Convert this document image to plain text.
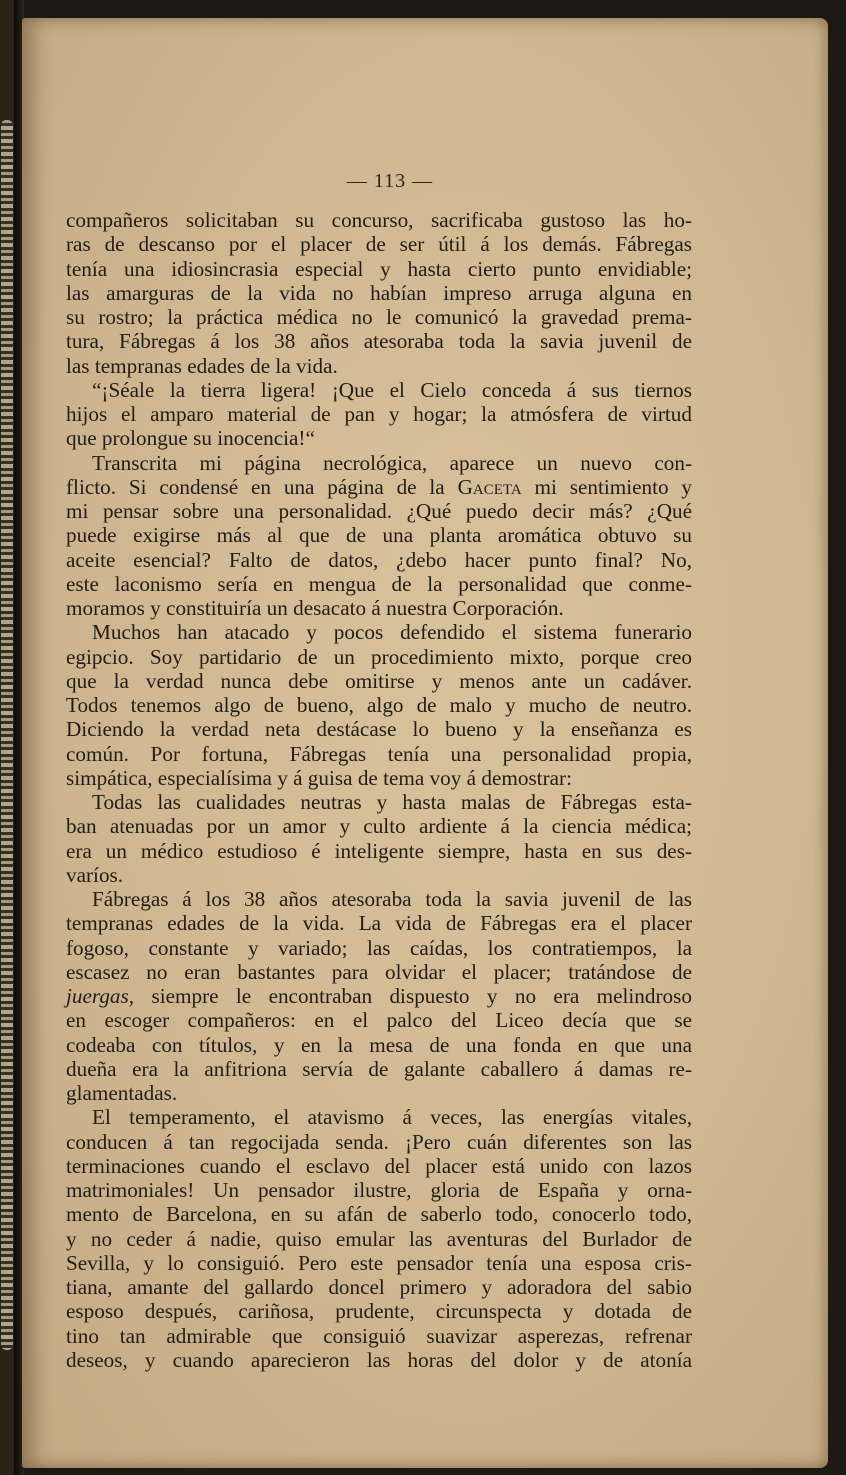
— 113 —
compañeros solicitaban su concurso, sacrificaba gustoso las ho-
ras de descanso por el placer de ser útil á los demás. Fábregas
tenía una idiosincrasia especial y hasta cierto punto envidiable;
las amarguras de la vida no habían impreso arruga alguna en
su rostro; la práctica médica no le comunicó la gravedad prema-
tura, Fábregas á los 38 años atesoraba toda la savia juvenil de
las tempranas edades de la vida.
“¡Séale la tierra ligera! ¡Que el Cielo conceda á sus tiernos
hijos el amparo material de pan y hogar; la atmósfera de virtud
que prolongue su inocencia!“
Transcrita mi página necrológica, aparece un nuevo con-
flicto. Si condensé en una página de la Gaceta mi sentimiento y
mi pensar sobre una personalidad. ¿Qué puedo decir más? ¿Qué
puede exigirse más al que de una planta aromática obtuvo su
aceite esencial? Falto de datos, ¿debo hacer punto final? No,
este laconismo sería en mengua de la personalidad que conme-
moramos y constituiría un desacato á nuestra Corporación.
Muchos han atacado y pocos defendido el sistema funerario
egipcio. Soy partidario de un procedimiento mixto, porque creo
que la verdad nunca debe omitirse y menos ante un cadáver.
Todos tenemos algo de bueno, algo de malo y mucho de neutro.
Diciendo la verdad neta destácase lo bueno y la enseñanza es
común. Por fortuna, Fábregas tenía una personalidad propia,
simpática, especialísima y á guisa de tema voy á demostrar:
Todas las cualidades neutras y hasta malas de Fábregas esta-
ban atenuadas por un amor y culto ardiente á la ciencia médica;
era un médico estudioso é inteligente siempre, hasta en sus des-
varíos.
Fábregas á los 38 años atesoraba toda la savia juvenil de las
tempranas edades de la vida. La vida de Fábregas era el placer
fogoso, constante y variado; las caídas, los contratiempos, la
escasez no eran bastantes para olvidar el placer; tratándose de
juergas, siempre le encontraban dispuesto y no era melindroso
en escoger compañeros: en el palco del Liceo decía que se
codeaba con títulos, y en la mesa de una fonda en que una
dueña era la anfitriona servía de galante caballero á damas re-
glamentadas.
El temperamento, el atavismo á veces, las energías vitales,
conducen á tan regocijada senda. ¡Pero cuán diferentes son las
terminaciones cuando el esclavo del placer está unido con lazos
matrimoniales! Un pensador ilustre, gloria de España y orna-
mento de Barcelona, en su afán de saberlo todo, conocerlo todo,
y no ceder á nadie, quiso emular las aventuras del Burlador de
Sevilla, y lo consiguió. Pero este pensador tenía una esposa cris-
tiana, amante del gallardo doncel primero y adoradora del sabio
esposo después, cariñosa, prudente, circunspecta y dotada de
tino tan admirable que consiguió suavizar asperezas, refrenar
deseos, y cuando aparecieron las horas del dolor y de atonía
